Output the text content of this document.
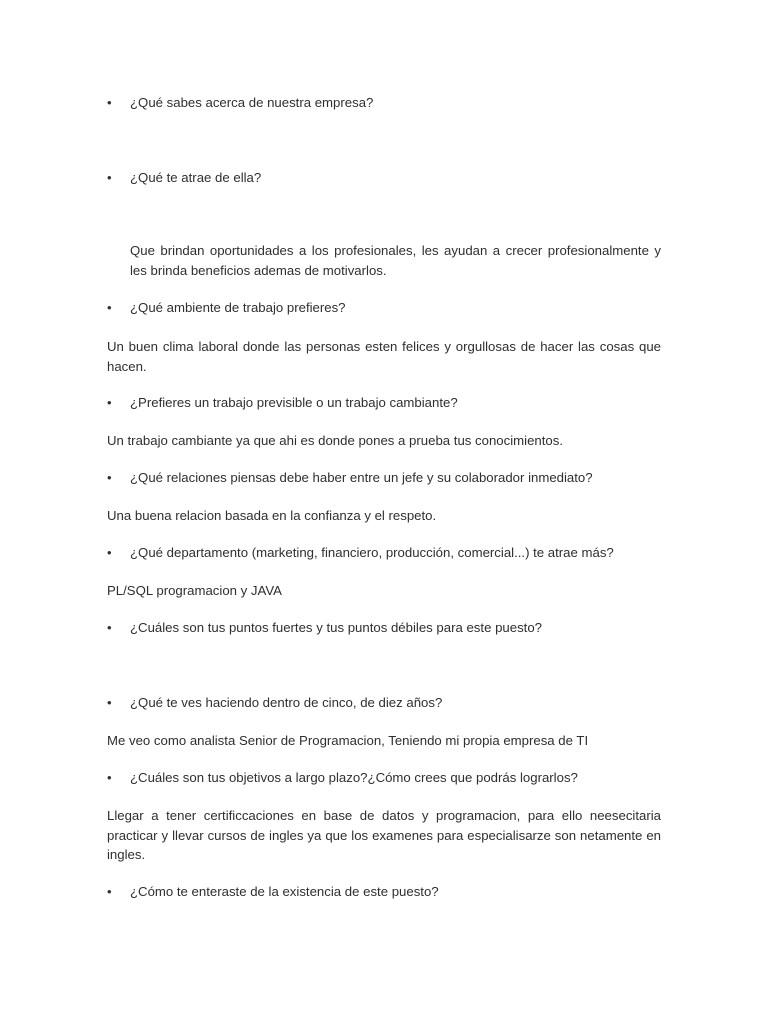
• ¿Qué sabes acerca de nuestra empresa?
• ¿Qué te atrae de ella?
Que brindan oportunidades a los profesionales, les ayudan a crecer profesionalmente y les brinda beneficios ademas de motivarlos.
• ¿Qué ambiente de trabajo prefieres?
Un buen clima laboral donde las personas esten felices y orgullosas de hacer las cosas que hacen.
• ¿Prefieres un trabajo previsible o un trabajo cambiante?
Un trabajo cambiante ya que ahi es donde pones a prueba tus conocimientos.
• ¿Qué relaciones piensas debe haber entre un jefe y su colaborador inmediato?
Una buena relacion basada en la confianza y el respeto.
• ¿Qué departamento (marketing, financiero, producción, comercial...) te atrae más?
PL/SQL programacion y JAVA
• ¿Cuáles son tus puntos fuertes y tus puntos débiles para este puesto?
• ¿Qué te ves haciendo dentro de cinco, de diez años?
Me veo como analista Senior de Programacion, Teniendo mi propia empresa de TI
• ¿Cuáles son tus objetivos a largo plazo?¿Cómo crees que podrás lograrlos?
Llegar a tener certificcaciones en base de datos y programacion, para ello neesecitaria practicar y llevar cursos de ingles ya que los examenes para especialisarze son netamente en ingles.
• ¿Cómo te enteraste de la existencia de este puesto?
